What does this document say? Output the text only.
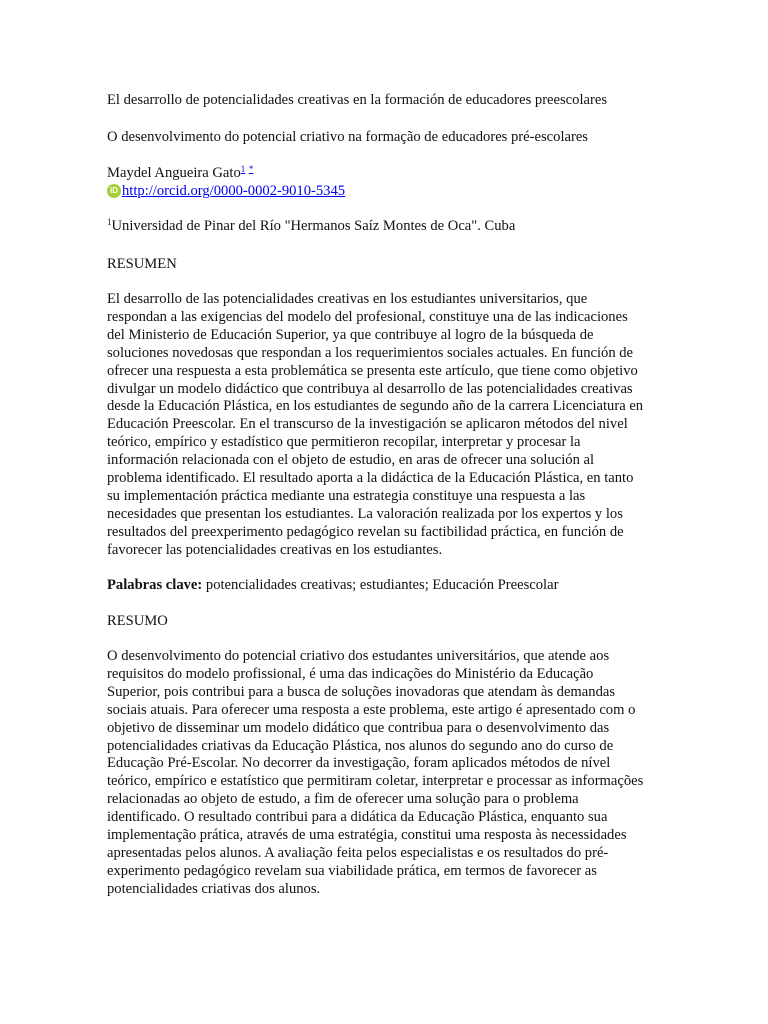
El desarrollo de potencialidades creativas en la formación de educadores preescolares
O desenvolvimento do potencial criativo na formação de educadores pré-escolares
Maydel Angueira Gato$^1$ *
iD http://orcid.org/0000-0002-9010-5345
$^1$Universidad de Pinar del Río "Hermanos Saíz Montes de Oca". Cuba
RESUMEN
El desarrollo de las potencialidades creativas en los estudiantes universitarios, que
respondan a las exigencias del modelo del profesional, constituye una de las indicaciones
del Ministerio de Educación Superior, ya que contribuye al logro de la búsqueda de
soluciones novedosas que respondan a los requerimientos sociales actuales. En función de
ofrecer una respuesta a esta problemática se presenta este artículo, que tiene como objetivo
divulgar un modelo didáctico que contribuya al desarrollo de las potencialidades creativas
desde la Educación Plástica, en los estudiantes de segundo año de la carrera Licenciatura en
Educación Preescolar. En el transcurso de la investigación se aplicaron métodos del nivel
teórico, empírico y estadístico que permitieron recopilar, interpretar y procesar la
información relacionada con el objeto de estudio, en aras de ofrecer una solución al
problema identificado. El resultado aporta a la didáctica de la Educación Plástica, en tanto
su implementación práctica mediante una estrategia constituye una respuesta a las
necesidades que presentan los estudiantes. La valoración realizada por los expertos y los
resultados del preexperimento pedagógico revelan su factibilidad práctica, en función de
favorecer las potencialidades creativas en los estudiantes.
Palabras clave: potencialidades creativas; estudiantes; Educación Preescolar
RESUMO
O desenvolvimento do potencial criativo dos estudantes universitários, que atende aos
requisitos do modelo profissional, é uma das indicações do Ministério da Educação
Superior, pois contribui para a busca de soluções inovadoras que atendam às demandas
sociais atuais. Para oferecer uma resposta a este problema, este artigo é apresentado com o
objetivo de disseminar um modelo didático que contribua para o desenvolvimento das
potencialidades criativas da Educação Plástica, nos alunos do segundo ano do curso de
Educação Pré-Escolar. No decorrer da investigação, foram aplicados métodos de nível
teórico, empírico e estatístico que permitiram coletar, interpretar e processar as informações
relacionadas ao objeto de estudo, a fim de oferecer uma solução para o problema
identificado. O resultado contribui para a didática da Educação Plástica, enquanto sua
implementação prática, através de uma estratégia, constitui uma resposta às necessidades
apresentadas pelos alunos. A avaliação feita pelos especialistas e os resultados do pré-
experimento pedagógico revelam sua viabilidade prática, em termos de favorecer as
potencialidades criativas dos alunos.
